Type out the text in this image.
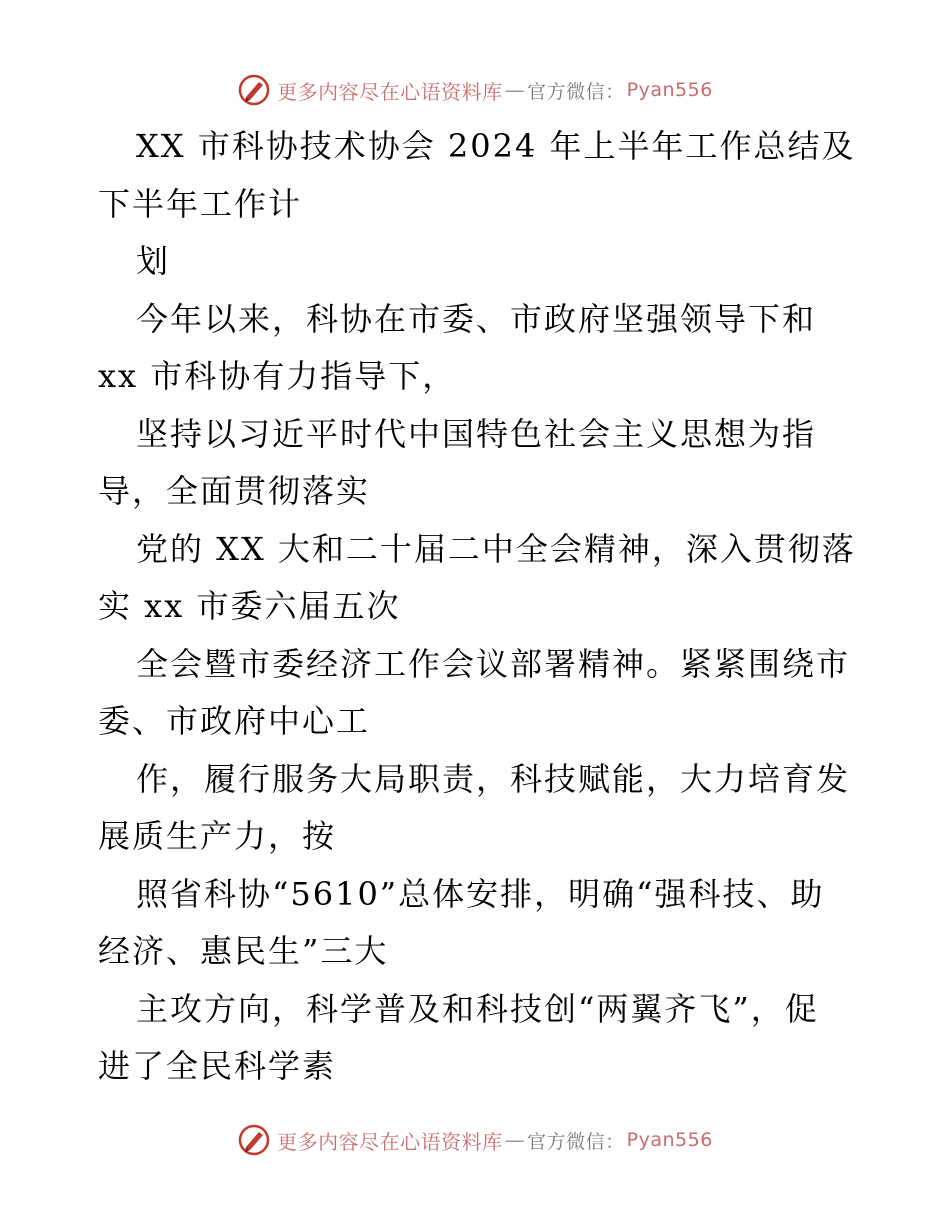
更多内容尽在心语资料库 — 官方微信： Pyan556

XX 市科协技术协会 2024 年上半年工作总结及

下半年工作计

划

今年以来，科协在市委、市政府坚强领导下和

xx 市科协有力指导下，

坚持以习近平时代中国特色社会主义思想为指

导，全面贯彻落实

党的 XX 大和二十届二中全会精神，深入贯彻落

实 xx 市委六届五次

全会暨市委经济工作会议部署精神。紧紧围绕市

委、市政府中心工

作，履行服务大局职责，科技赋能，大力培育发

展质生产力，按

照省科协“5610”总体安排，明确“强科技、助

经济、惠民生”三大

主攻方向，科学普及和科技创“两翼齐飞”，促

进了全民科学素

更多内容尽在心语资料库 — 官方微信： Pyan556
